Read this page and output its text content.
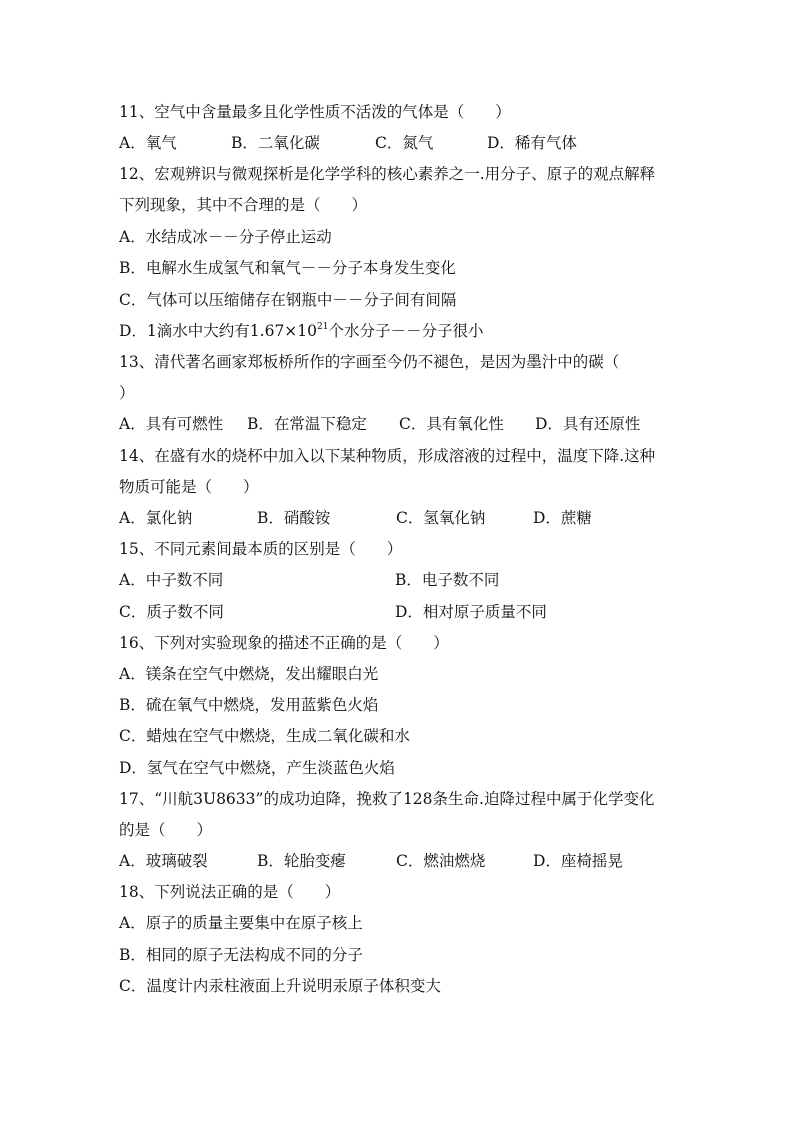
11、空气中含量最多且化学性质不活泼的气体是（　　）
A．氧气	B．二氧化碳	C．氮气	D．稀有气体
12、宏观辨识与微观探析是化学学科的核心素养之一.用分子、原子的观点解释
下列现象，其中不合理的是（　　）
A．水结成冰－－分子停止运动
B．电解水生成氢气和氧气－－分子本身发生变化
C．气体可以压缩储存在钢瓶中－－分子间有间隔
D．1滴水中大约有$1.67\times 10^{21}$个水分子－－分子很小
13、清代著名画家郑板桥所作的字画至今仍不褪色，是因为墨汁中的碳（
）
A．具有可燃性 B．在常温下稳定 C．具有氧化性 D．具有还原性
14、在盛有水的烧杯中加入以下某种物质，形成溶液的过程中，温度下降.这种
物质可能是（　　）
A．氯化钠	B．硝酸铵	C．氢氧化钠	D．蔗糖
15、不同元素间最本质的区别是（　　）
A．中子数不同	B．电子数不同
C．质子数不同	D．相对原子质量不同
16、下列对实验现象的描述不正确的是（　　）
A．镁条在空气中燃烧，发出耀眼白光
B．硫在氧气中燃烧，发用蓝紫色火焰
C．蜡烛在空气中燃烧，生成二氧化碳和水
D．氢气在空气中燃烧，产生淡蓝色火焰
17、“川航3U8633”的成功迫降，挽救了128条生命.迫降过程中属于化学变化
的是（　　）
A．玻璃破裂	B．轮胎变瘪	C．燃油燃烧	D．座椅摇晃
18、下列说法正确的是（　　）
A．原子的质量主要集中在原子核上
B．相同的原子无法构成不同的分子
C．温度计内汞柱液面上升说明汞原子体积变大
